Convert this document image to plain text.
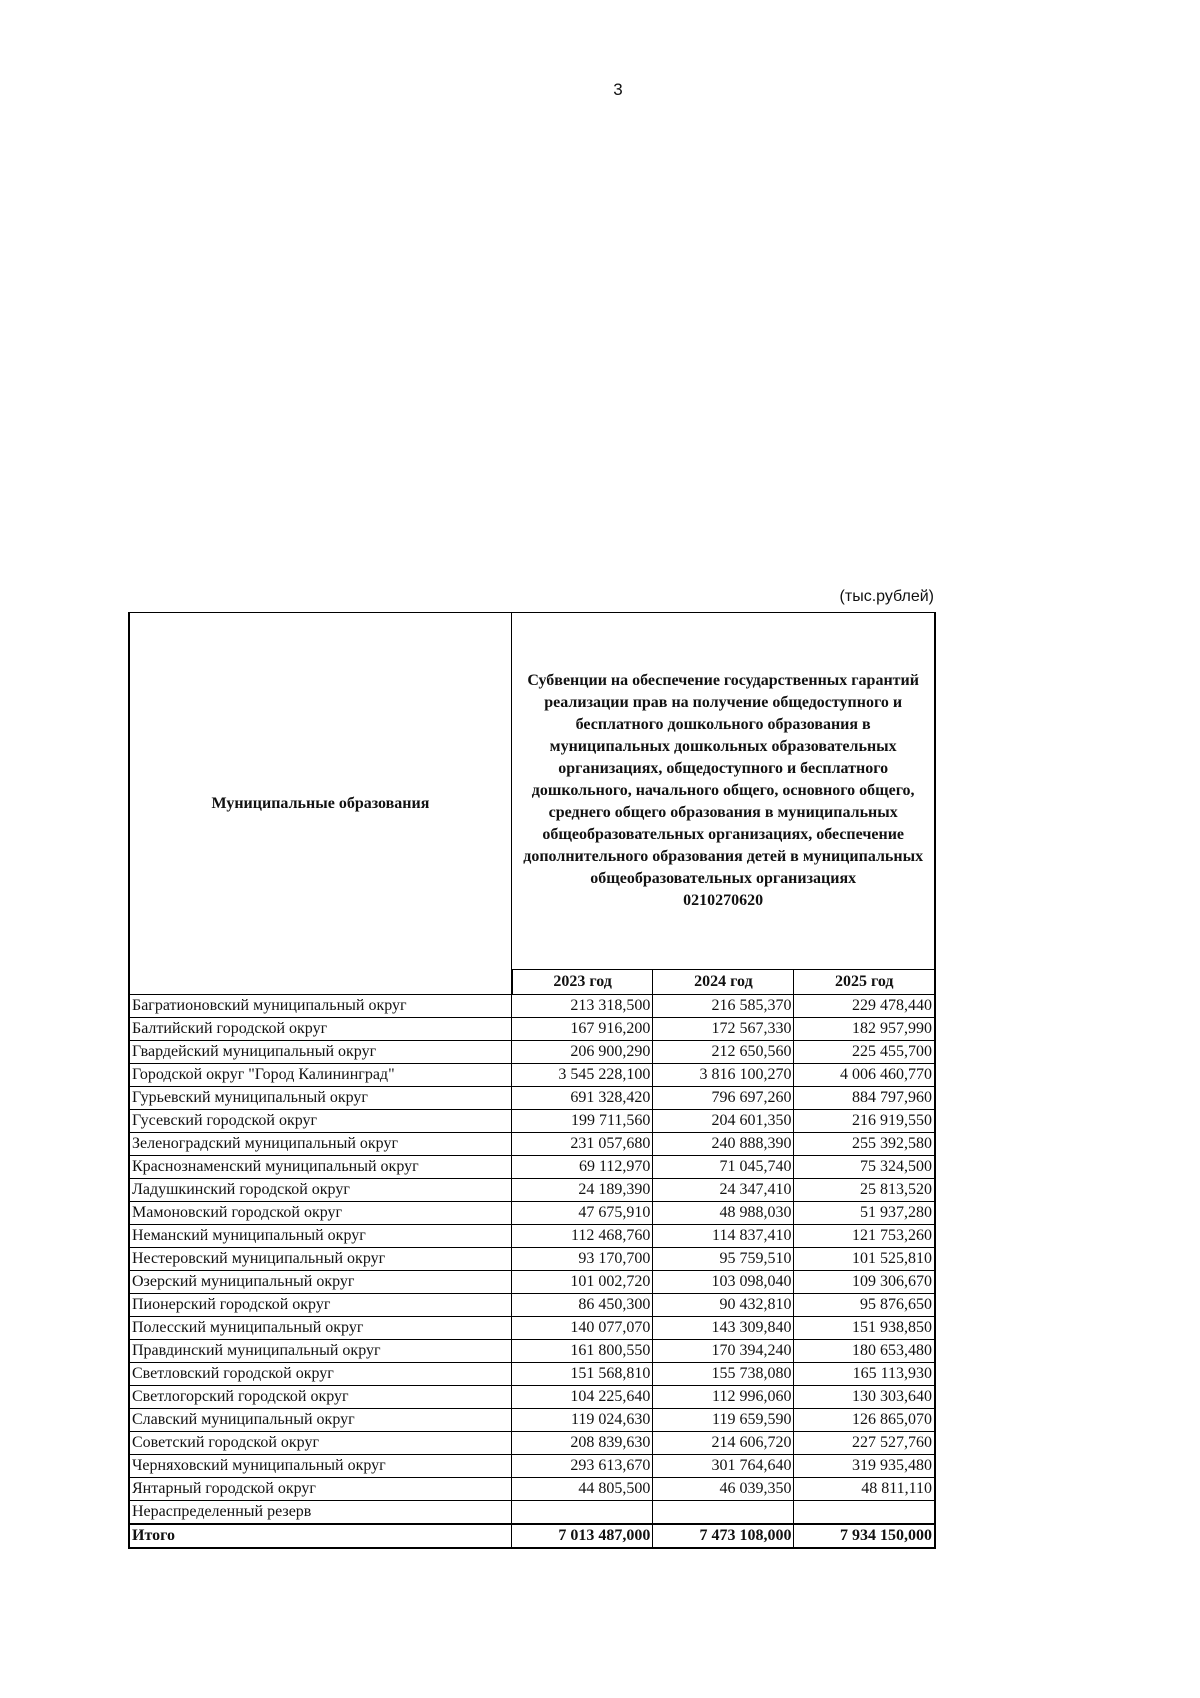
3
(тыс.рублей)
Муниципальные образования	Субвенции на обеспечение государственных гарантий реализации прав на получение общедоступного и бесплатного дошкольного образования в муниципальных дошкольных образовательных организациях, общедоступного и бесплатного дошкольного, начального общего, основного общего, среднего общего образования в муниципальных общеобразовательных организациях, обеспечение дополнительного образования детей в муниципальных общеобразовательных организациях
0210270620		

	2023 год	2024 год	2025 год
Багратионовский муниципальный округ	213 318,500	216 585,370	229 478,440
Балтийский городской округ	167 916,200	172 567,330	182 957,990
Гвардейский муниципальный округ	206 900,290	212 650,560	225 455,700
Городской округ "Город Калининград"	3 545 228,100	3 816 100,270	4 006 460,770
Гурьевский муниципальный округ	691 328,420	796 697,260	884 797,960
Гусевский городской округ	199 711,560	204 601,350	216 919,550
Зеленоградский муниципальный округ	231 057,680	240 888,390	255 392,580
Краснознаменский муниципальный округ	69 112,970	71 045,740	75 324,500
Ладушкинский городской округ	24 189,390	24 347,410	25 813,520
Мамоновский городской округ	47 675,910	48 988,030	51 937,280
Неманский муниципальный округ	112 468,760	114 837,410	121 753,260
Нестеровский муниципальный округ	93 170,700	95 759,510	101 525,810
Озерский муниципальный округ	101 002,720	103 098,040	109 306,670
Пионерский городской округ	86 450,300	90 432,810	95 876,650
Полесский муниципальный округ	140 077,070	143 309,840	151 938,850
Правдинский муниципальный округ	161 800,550	170 394,240	180 653,480
Светловский городской округ	151 568,810	155 738,080	165 113,930
Светлогорский городской округ	104 225,640	112 996,060	130 303,640
Славский муниципальный округ	119 024,630	119 659,590	126 865,070
Советский городской округ	208 839,630	214 606,720	227 527,760
Черняховский муниципальный округ	293 613,670	301 764,640	319 935,480
Янтарный городской округ	44 805,500	46 039,350	48 811,110
Нераспределенный резерв			
Итого	7 013 487,000	7 473 108,000	7 934 150,000
